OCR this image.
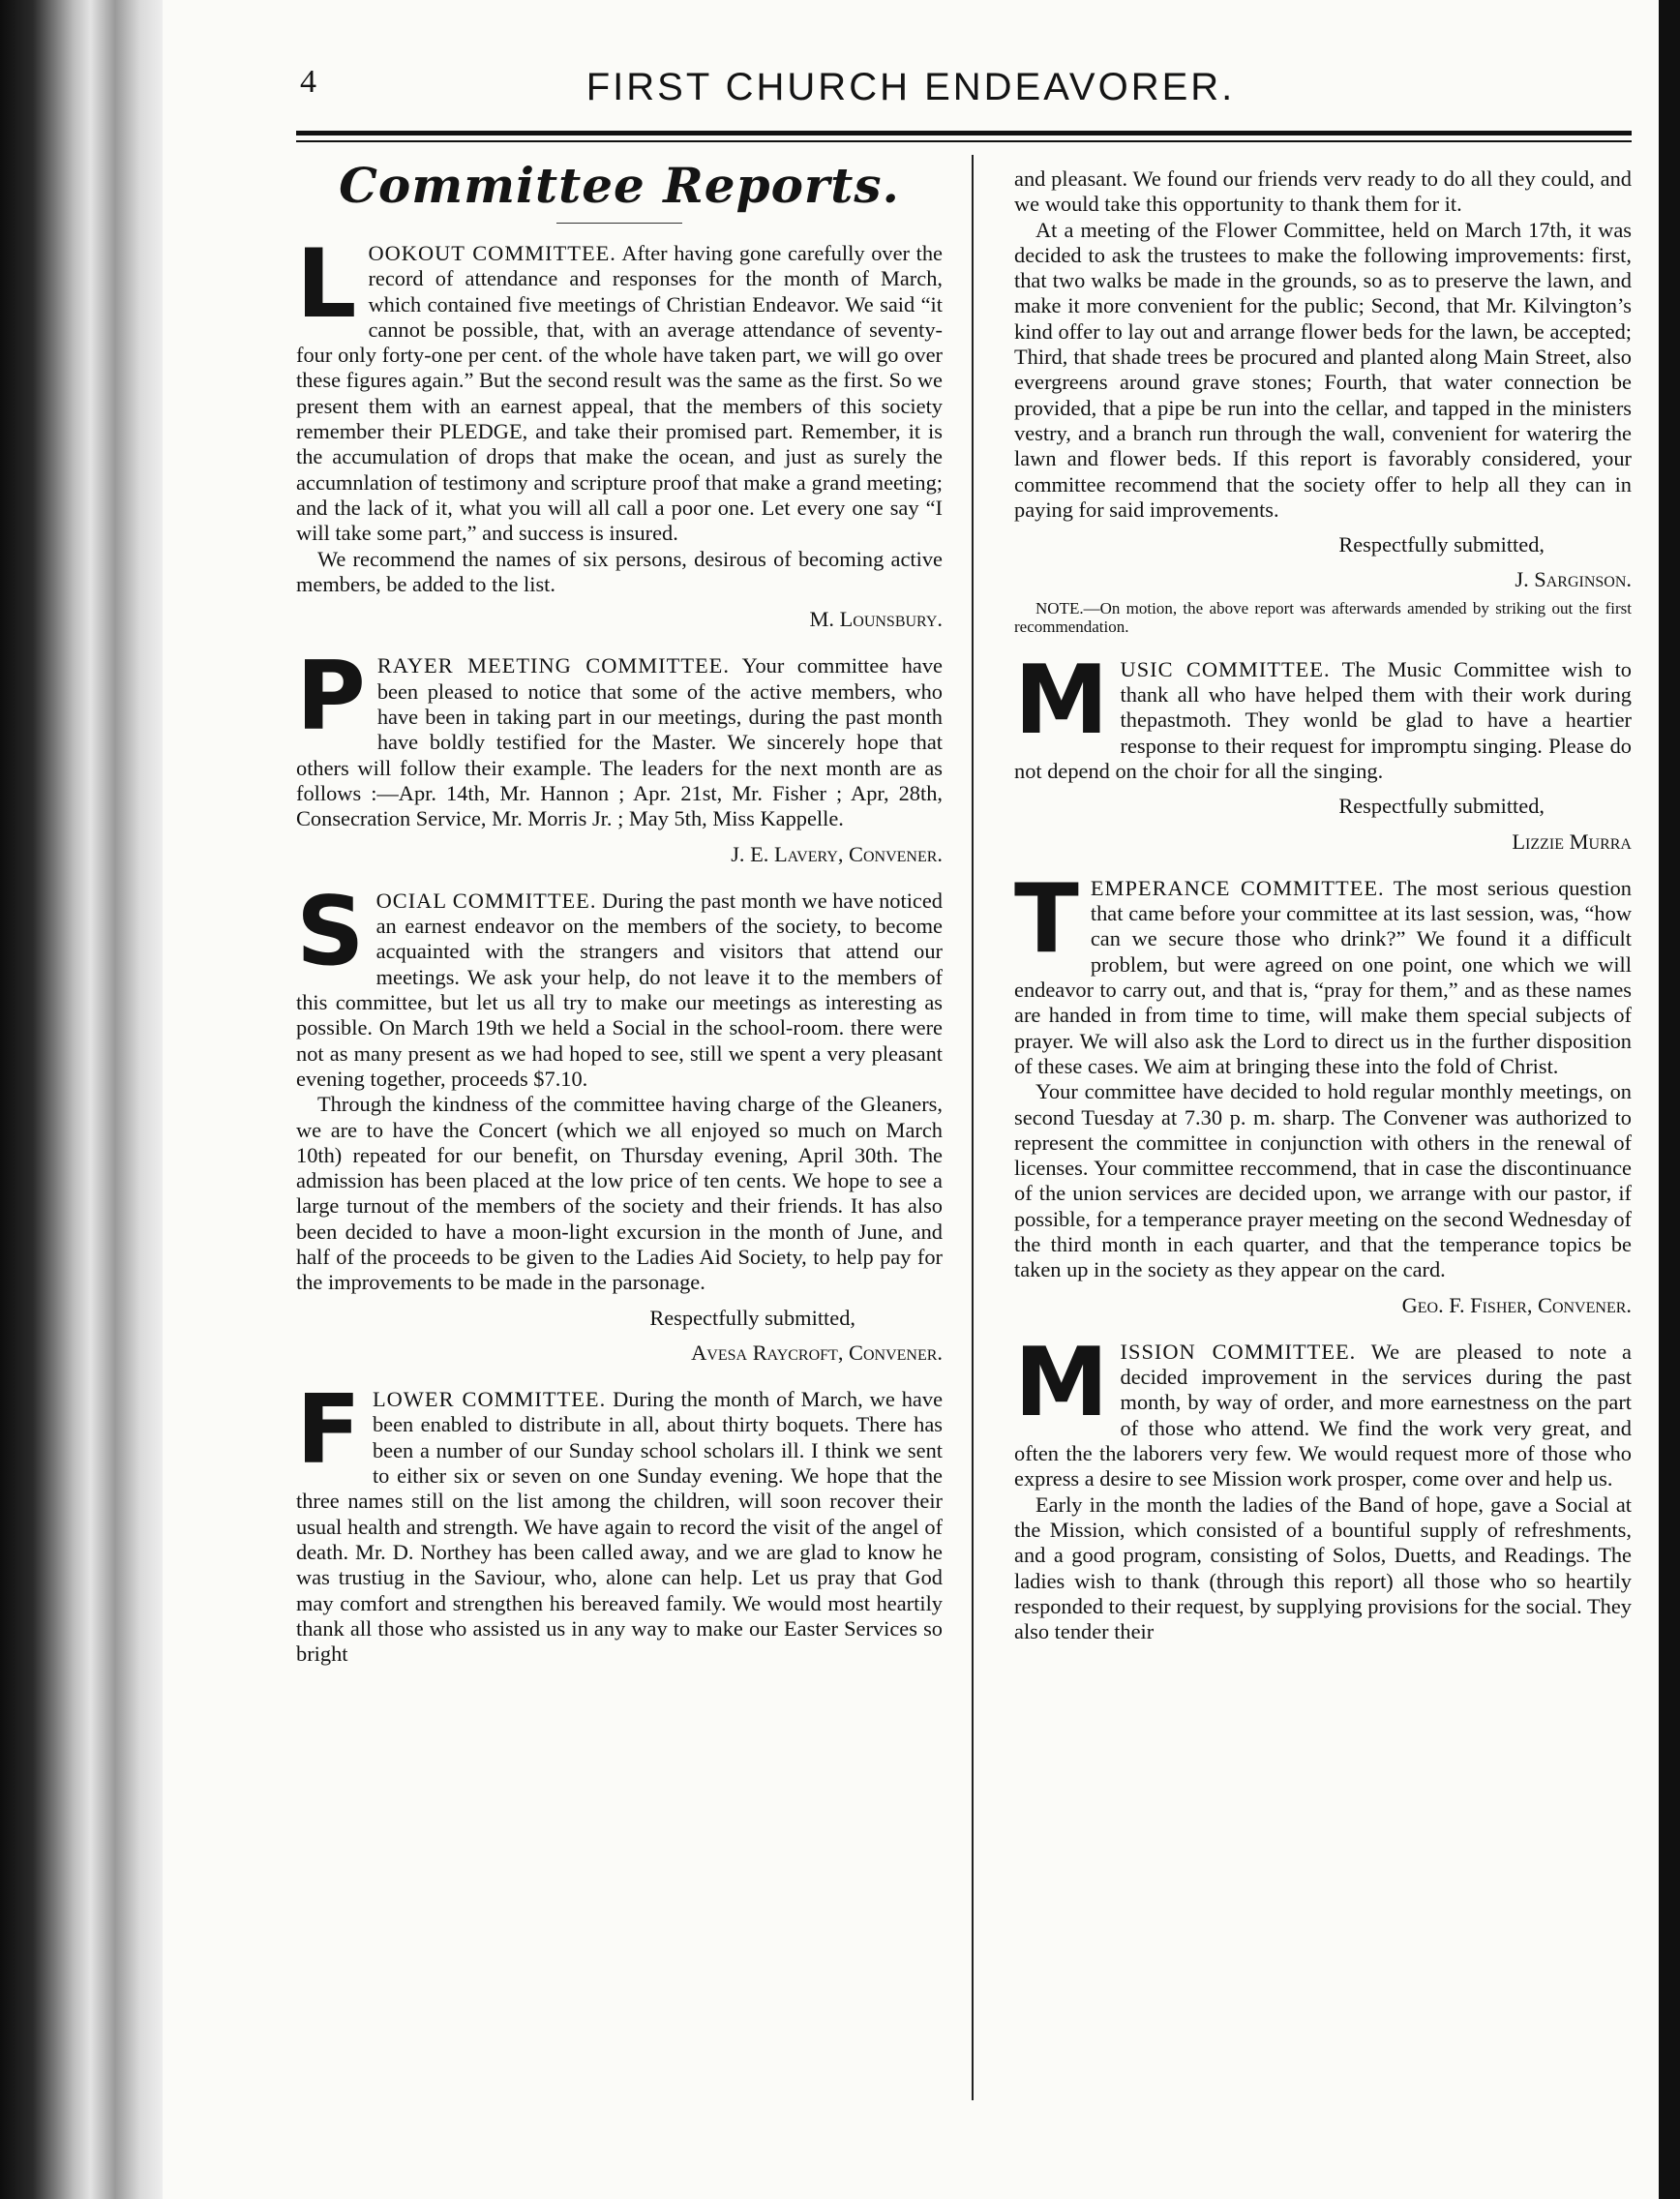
4	FIRST CHURCH ENDEAVORER.
Committee Reports.

L OOKOUT COMMITTEE. After having gone carefully over the record of attendance and responses for the month of March, which contained five meetings of Christian Endeavor. We said “it cannot be possible, that, with an average attendance of seventy-four only forty-one per cent. of the whole have taken part, we will go over these figures again.” But the second result was the same as the first. So we present them with an earnest appeal, that the members of this society remember their PLEDGE, and take their promised part. Remember, it is the accumulation of drops that make the ocean, and just as surely the accumnlation of testimony and scripture proof that make a grand meeting; and the lack of it, what you will all call a poor one. Let every one say “I will take some part,” and success is insured.

We recommend the names of six persons, desirous of becoming active members, be added to the list.

M. Lounsbury.

P RAYER MEETING COMMITTEE. Your committee have been pleased to notice that some of the active members, who have been in taking part in our meetings, during the past month have boldly testified for the Master. We sincerely hope that others will follow their example. The leaders for the next month are as follows :—Apr. 14th, Mr. Hannon ; Apr. 21st, Mr. Fisher ; Apr, 28th, Consecration Service, Mr. Morris Jr. ; May 5th, Miss Kappelle.

J. E. Lavery, Convener.

S OCIAL COMMITTEE. During the past month we have noticed an earnest endeavor on the members of the society, to become acquainted with the strangers and visitors that attend our meetings. We ask your help, do not leave it to the members of this committee, but let us all try to make our meetings as interesting as possible. On March 19th we held a Social in the school-room. there were not as many present as we had hoped to see, still we spent a very pleasant evening together, proceeds $7.10.

Through the kindness of the committee having charge of the Gleaners, we are to have the Concert (which we all enjoyed so much on March 10th) repeated for our benefit, on Thursday evening, April 30th. The admission has been placed at the low price of ten cents. We hope to see a large turnout of the members of the society and their friends. It has also been decided to have a moon-light excursion in the month of June, and half of the proceeds to be given to the Ladies Aid Society, to help pay for the improvements to be made in the parsonage.

Respectfully submitted,
Avesa Raycroft, Convener.

F LOWER COMMITTEE. During the month of March, we have been enabled to distribute in all, about thirty boquets. There has been a number of our Sunday school scholars ill. I think we sent to either six or seven on one Sunday evening. We hope that the three names still on the list among the children, will soon recover their usual health and strength. We have again to record the visit of the angel of death. Mr. D. Northey has been called away, and we are glad to know he was trustiug in the Saviour, who, alone can help. Let us pray that God may comfort and strengthen his bereaved family. We would most heartily thank all those who assisted us in any way to make our Easter Services so bright

and pleasant. We found our friends verv ready to do all they could, and we would take this opportunity to thank them for it.

At a meeting of the Flower Committee, held on March 17th, it was decided to ask the trustees to make the following improvements: first, that two walks be made in the grounds, so as to preserve the lawn, and make it more convenient for the public; Second, that Mr. Kilvington’s kind offer to lay out and arrange flower beds for the lawn, be accepted; Third, that shade trees be procured and planted along Main Street, also evergreens around grave stones; Fourth, that water connection be provided, that a pipe be run into the cellar, and tapped in the ministers vestry, and a branch run through the wall, convenient for waterirg the lawn and flower beds. If this report is favorably considered, your committee recommend that the society offer to help all they can in paying for said improvements.

Respectfully submitted,
J. Sarginson.
NOTE.—On motion, the above report was afterwards amended by striking out the first recommendation.

M USIC COMMITTEE. The Music Committee wish to thank all who have helped them with their work during thepastmoth. They wonld be glad to have a heartier response to their request for impromptu singing. Please do not depend on the choir for all the singing.

Respectfully submitted,
Lizzie Murra

T EMPERANCE COMMITTEE. The most serious question that came before your committee at its last session, was, “how can we secure those who drink?” We found it a difficult problem, but were agreed on one point, one which we will endeavor to carry out, and that is, “pray for them,” and as these names are handed in from time to time, will make them special subjects of prayer. We will also ask the Lord to direct us in the further disposition of these cases. We aim at bringing these into the fold of Christ.

Your committee have decided to hold regular monthly meetings, on second Tuesday at 7.30 p. m. sharp. The Convener was authorized to represent the committee in conjunction with others in the renewal of licenses. Your committee reccommend, that in case the discontinuance of the union services are decided upon, we arrange with our pastor, if possible, for a temperance prayer meeting on the second Wednesday of the third month in each quarter, and that the temperance topics be taken up in the society as they appear on the card.

Geo. F. Fisher, Convener.

M ISSION COMMITTEE. We are pleased to note a decided improvement in the services during the past month, by way of order, and more earnestness on the part of those who attend. We find the work very great, and often the the laborers very few. We would request more of those who express a desire to see Mission work prosper, come over and help us.

Early in the month the ladies of the Band of hope, gave a Social at the Mission, which consisted of a bountiful supply of refreshments, and a good program, consisting of Solos, Duetts, and Readings. The ladies wish to thank (through this report) all those who so heartily responded to their request, by supplying provisions for the social. They also tender their
